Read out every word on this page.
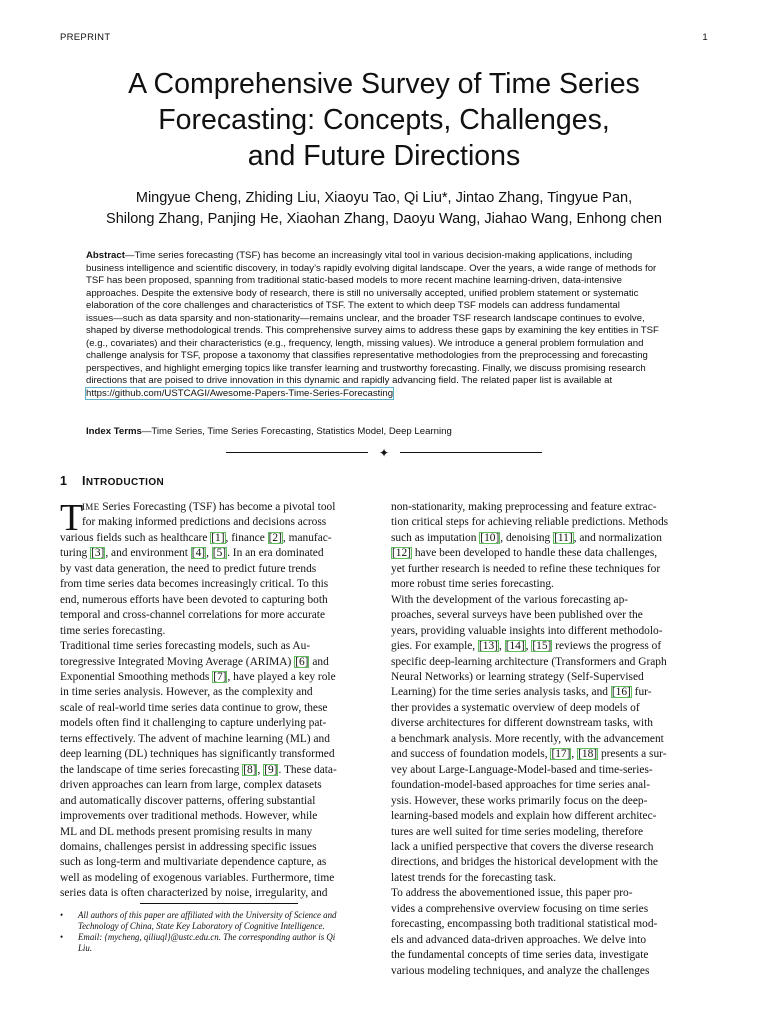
PREPRINT	1
A Comprehensive Survey of Time Series
Forecasting: Concepts, Challenges,
and Future Directions
Mingyue Cheng, Zhiding Liu, Xiaoyu Tao, Qi Liu*, Jintao Zhang, Tingyue Pan,
Shilong Zhang, Panjing He, Xiaohan Zhang, Daoyu Wang, Jiahao Wang, Enhong chen
Abstract—Time series forecasting (TSF) has become an increasingly vital tool in various decision-making applications, including
business intelligence and scientific discovery, in today’s rapidly evolving digital landscape. Over the years, a wide range of methods for
TSF has been proposed, spanning from traditional static-based models to more recent machine learning-driven, data-intensive
approaches. Despite the extensive body of research, there is still no universally accepted, unified problem statement or systematic
elaboration of the core challenges and characteristics of TSF. The extent to which deep TSF models can address fundamental
issues—such as data sparsity and non-stationarity—remains unclear, and the broader TSF research landscape continues to evolve,
shaped by diverse methodological trends. This comprehensive survey aims to address these gaps by examining the key entities in TSF
(e.g., covariates) and their characteristics (e.g., frequency, length, missing values). We introduce a general problem formulation and
challenge analysis for TSF, propose a taxonomy that classifies representative methodologies from the preprocessing and forecasting
perspectives, and highlight emerging topics like transfer learning and trustworthy forecasting. Finally, we discuss promising research
directions that are poised to drive innovation in this dynamic and rapidly advancing field. The related paper list is available at
https://github.com/USTCAGI/Awesome-Papers-Time-Series-Forecasting
Index Terms—Time Series, Time Series Forecasting, Statistics Model, Deep Learning
✦
1 INTRODUCTION
T
IME Series Forecasting (TSF) has become a pivotal tool
for making informed predictions and decisions across
various fields such as healthcare [1], finance [2], manufac-
turing [3], and environment [4], [5]. In an era dominated
by vast data generation, the need to predict future trends
from time series data becomes increasingly critical. To this
end, numerous efforts have been devoted to capturing both
temporal and cross-channel correlations for more accurate
time series forecasting.
Traditional time series forecasting models, such as Au-
toregressive Integrated Moving Average (ARIMA) [6] and
Exponential Smoothing methods [7], have played a key role
in time series analysis. However, as the complexity and
scale of real-world time series data continue to grow, these
models often find it challenging to capture underlying pat-
terns effectively. The advent of machine learning (ML) and
deep learning (DL) techniques has significantly transformed
the landscape of time series forecasting [8], [9]. These data-
driven approaches can learn from large, complex datasets
and automatically discover patterns, offering substantial
improvements over traditional methods. However, while
ML and DL methods present promising results in many
domains, challenges persist in addressing specific issues
such as long-term and multivariate dependence capture, as
well as modeling of exogenous variables. Furthermore, time
series data is often characterized by noise, irregularity, and
non-stationarity, making preprocessing and feature extrac-
tion critical steps for achieving reliable predictions. Methods
such as imputation [10], denoising [11], and normalization
[12] have been developed to handle these data challenges,
yet further research is needed to refine these techniques for
more robust time series forecasting.
With the development of the various forecasting ap-
proaches, several surveys have been published over the
years, providing valuable insights into different methodolo-
gies. For example, [13], [14], [15] reviews the progress of
specific deep-learning architecture (Transformers and Graph
Neural Networks) or learning strategy (Self-Supervised
Learning) for the time series analysis tasks, and [16] fur-
ther provides a systematic overview of deep models of
diverse architectures for different downstream tasks, with
a benchmark analysis. More recently, with the advancement
and success of foundation models, [17], [18] presents a sur-
vey about Large-Language-Model-based and time-series-
foundation-model-based approaches for time series anal-
ysis. However, these works primarily focus on the deep-
learning-based models and explain how different architec-
tures are well suited for time series modeling, therefore
lack a unified perspective that covers the diverse research
directions, and bridges the historical development with the
latest trends for the forecasting task.
To address the abovementioned issue, this paper pro-
vides a comprehensive overview focusing on time series
forecasting, encompassing both traditional statistical mod-
els and advanced data-driven approaches. We delve into
the fundamental concepts of time series data, investigate
various modeling techniques, and analyze the challenges
• All authors of this paper are affiliated with the University of Science and
Technology of China, State Key Laboratory of Cognitive Intelligence.
• Email: {mycheng, qiliuql}@ustc.edu.cn. The corresponding author is Qi
Liu.
